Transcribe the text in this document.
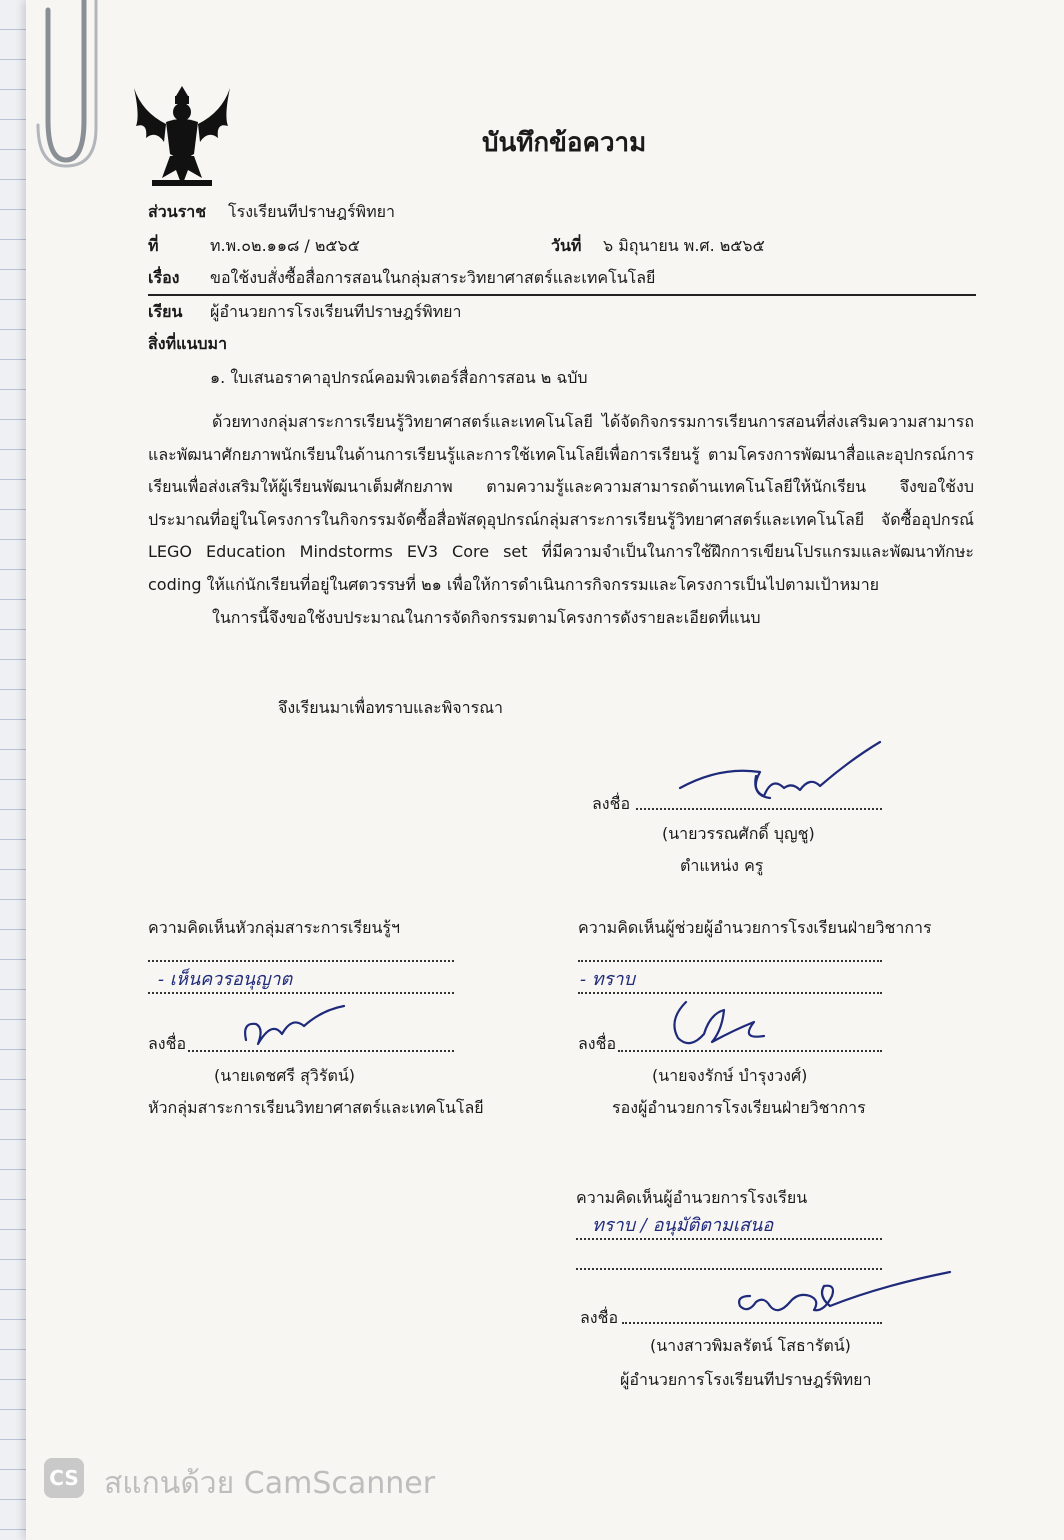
บันทึกข้อความ
ส่วนราช โรงเรียนทีปราษฎร์พิทยา
ที่	ท.พ.๐๒.๑๑๘ / ๒๕๖๕	วันที่ ๖ มิถุนายน พ.ศ. ๒๕๖๕
เรื่อง ขอใช้งบสั่งซื้อสื่อการสอนในกลุ่มสาระวิทยาศาสตร์และเทคโนโลยี
เรียน ผู้อำนวยการโรงเรียนทีปราษฎร์พิทยา
สิ่งที่แนบมา
๑. ใบเสนอราคาอุปกรณ์คอมพิวเตอร์สื่อการสอน ๒ ฉบับ

ด้วยทางกลุ่มสาระการเรียนรู้วิทยาศาสตร์และเทคโนโลยี ได้จัดกิจกรรมการเรียนการสอนที่ส่งเสริมความสามารถและพัฒนาศักยภาพนักเรียนในด้านการเรียนรู้และการใช้เทคโนโลยีเพื่อการเรียนรู้ ตามโครงการพัฒนาสื่อและอุปกรณ์การเรียนเพื่อส่งเสริมให้ผู้เรียนพัฒนาเต็มศักยภาพ ตามความรู้และความสามารถด้านเทคโนโลยีให้นักเรียน จึงขอใช้งบประมาณที่อยู่ในโครงการในกิจกรรมจัดซื้อสื่อพัสดุอุปกรณ์กลุ่มสาระการเรียนรู้วิทยาศาสตร์และเทคโนโลยี จัดซื้ออุปกรณ์ LEGO Education Mindstorms EV3 Core set ที่มีความจำเป็นในการใช้ฝึกการเขียนโปรแกรมและพัฒนาทักษะ coding ให้แก่นักเรียนที่อยู่ในศตวรรษที่ ๒๑ เพื่อให้การดำเนินการกิจกรรมและโครงการเป็นไปตามเป้าหมาย

ในการนี้จึงขอใช้งบประมาณในการจัดกิจกรรมตามโครงการดังรายละเอียดที่แนบ

จึงเรียนมาเพื่อทราบและพิจารณา
ลงชื่อ
(นายวรรณศักดิ์ บุญชู)
ตำแหน่ง ครู
ความคิดเห็นหัวกลุ่มสาระการเรียนรู้ฯ
- เห็นควรอนุญาต
ลงชื่อ
(นายเดชศรี สุวิรัตน์)
หัวกลุ่มสาระการเรียนวิทยาศาสตร์และเทคโนโลยี
ความคิดเห็นผู้ช่วยผู้อำนวยการโรงเรียนฝ่ายวิชาการ
- ทราบ
ลงชื่อ
(นายจงรักษ์ บำรุงวงศ์)
รองผู้อำนวยการโรงเรียนฝ่ายวิชาการ
ความคิดเห็นผู้อำนวยการโรงเรียน
ทราบ / อนุมัติตามเสนอ
ลงชื่อ
(นางสาวพิมลรัตน์ โสธารัตน์)
ผู้อำนวยการโรงเรียนทีปราษฎร์พิทยา
CS สแกนด้วย CamScanner
